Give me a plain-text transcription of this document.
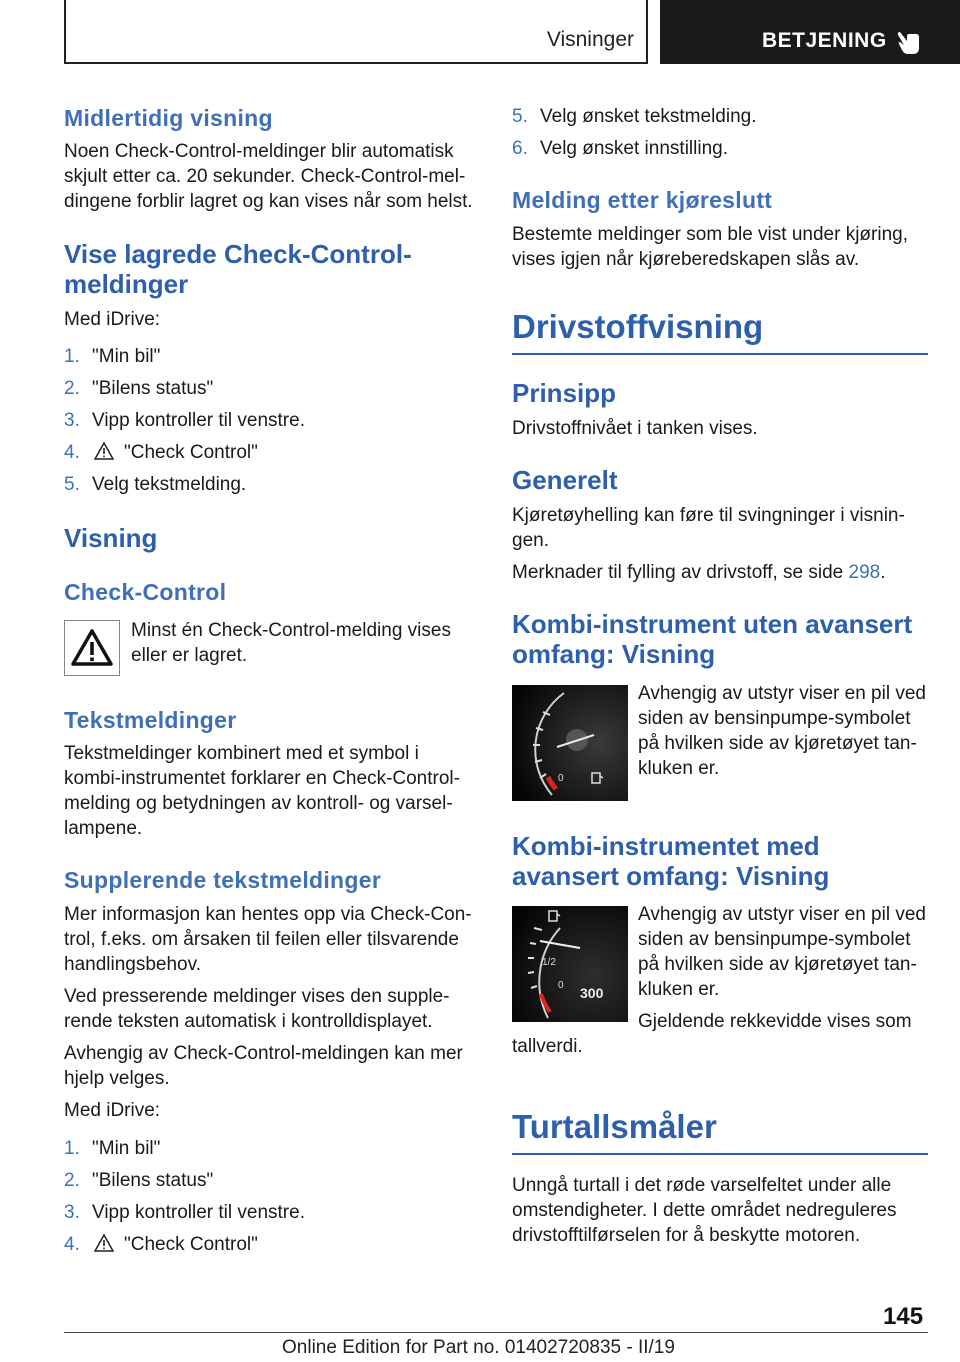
Visninger	BETJENING
Midlertidig visning
Noen Check-Control-meldinger blir automatisk
skjult etter ca. 20 sekunder. Check-Control-mel-
dingene forblir lagret og kan vises når som helst.
Vise lagrede Check-Control-
meldinger
Med iDrive:
1. "Min bil"
2. "Bilens status"
3. Vipp kontroller til venstre.
4. "Check Control"
5. Velg tekstmelding.
Visning
Check-Control
Minst én Check-Control-melding vises
eller er lagret.
Tekstmeldinger
Tekstmeldinger kombinert med et symbol i
kombi-instrumentet forklarer en Check-Control-
melding og betydningen av kontroll- og varsel-
lampene.
Supplerende tekstmeldinger
Mer informasjon kan hentes opp via Check-Con-
trol, f.eks. om årsaken til feilen eller tilsvarende
handlingsbehov.
Ved presserende meldinger vises den supple-
rende teksten automatisk i kontrolldisplayet.
Avhengig av Check-Control-meldingen kan mer
hjelp velges.
Med iDrive:
1. "Min bil"
2. "Bilens status"
3. Vipp kontroller til venstre.
4. "Check Control"
5. Velg ønsket tekstmelding.
6. Velg ønsket innstilling.
Melding etter kjøreslutt
Bestemte meldinger som ble vist under kjøring,
vises igjen når kjøreberedskapen slås av.
Drivstoffvisning
Prinsipp
Drivstoffnivået i tanken vises.
Generelt
Kjøretøyhelling kan føre til svingninger i visnin-
gen.
Merknader til fylling av drivstoff, se side 298.
Kombi-instrument uten avansert
omfang: Visning
0
Avhengig av utstyr viser en pil ved
siden av bensinpumpe-symbolet
på hvilken side av kjøretøyet tan-
kluken er.
Kombi-instrumentet med
avansert omfang: Visning
1/2
0 300
Avhengig av utstyr viser en pil ved
siden av bensinpumpe-symbolet
på hvilken side av kjøretøyet tan-
kluken er.
Gjeldende rekkevidde vises som
tallverdi.
Turtallsmåler
Unngå turtall i det røde varselfeltet under alle
omstendigheter. I dette området nedreguleres
drivstofftilførselen for å beskytte motoren.
145
Online Edition for Part no. 01402720835 - II/19
